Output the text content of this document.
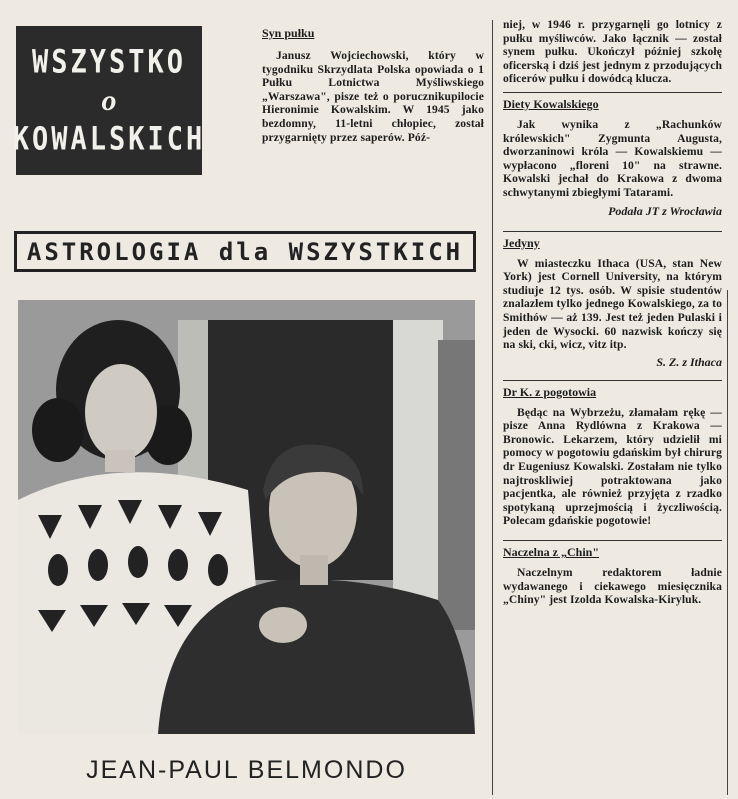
WSZYSTKO
o
KOWALSKICH
Syn pułku

Janusz Wojciechowski, który w tygodniku Skrzydlata Polska opowiada o 1 Pułku Lotnictwa Myśliwskiego „Warszawa", pisze też o porucznikupilocie Hieronimie Kowalskim. W 1945 jako bezdomny, 11-letni chłopiec, został przygarnięty przez saperów. Póź-

niej, w 1946 r. przygarnęli go lotnicy z pułku myśliwców. Jako łącznik — został synem pułku. Ukończył później szkołę oficerską i dziś jest jednym z przodujących oficerów pułku i dowódcą klucza.

Diety Kowalskiego

Jak wynika z „Rachunków królewskich" Zygmunta Augusta, dworzaninowi króla — Kowalskiemu — wypłacono „floreni 10" na strawne. Kowalski jechał do Krakowa z dwoma schwytanymi zbiegłymi Tatarami.

Podała JT z Wrocławia

Jedyny

W miasteczku Ithaca (USA, stan New York) jest Cornell University, na którym studiuje 12 tys. osób. W spisie studentów znalazłem tylko jednego Kowalskiego, za to Smithów — aż 139. Jest też jeden Pulaski i jeden de Wysocki. 60 nazwisk kończy się na ski, cki, wicz, vitz itp.

S. Z. z Ithaca

Dr K. z pogotowia

Będąc na Wybrzeżu, złamałam rękę — pisze Anna Rydlówna z Krakowa — Bronowic. Lekarzem, który udzielił mi pomocy w pogotowiu gdańskim był chirurg dr Eugeniusz Kowalski. Zostałam nie tylko najtroskliwiej potraktowana jako pacjentka, ale również przyjęta z rzadko spotykaną uprzejmością i życzliwością. Polecam gdańskie pogotowie!

Naczelna z „Chin"

Naczelnym redaktorem ładnie wydawanego i ciekawego miesięcznika „Chiny" jest Izolda Kowalska-Kiryluk.

ASTROLOGIA dla WSZYSTKICH
JEAN-PAUL BELMONDO
